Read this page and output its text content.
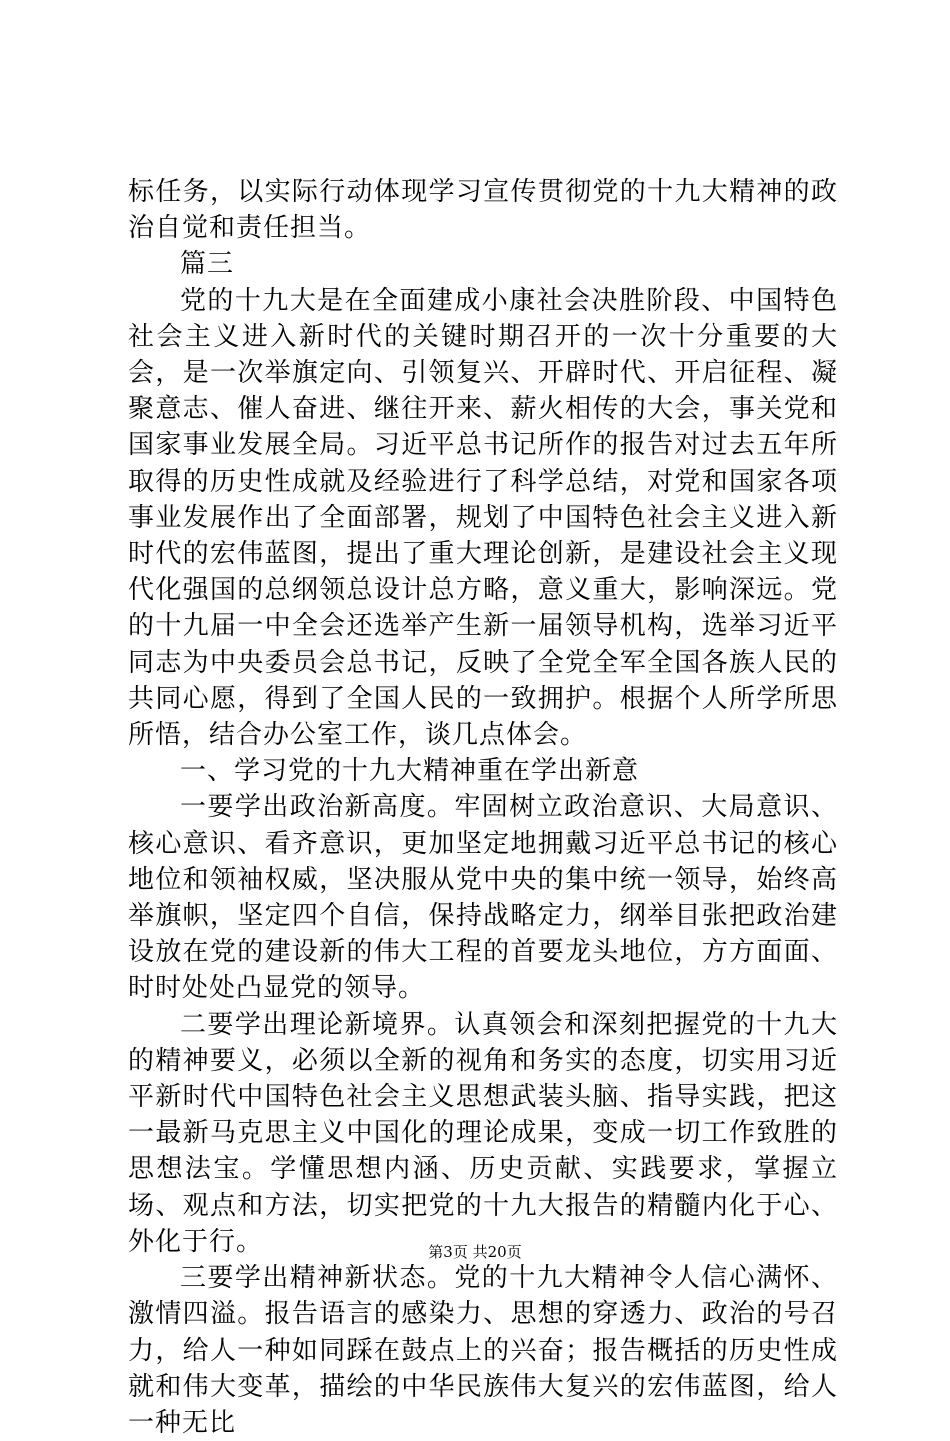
标任务，以实际行动体现学习宣传贯彻党的十九大精神的政治自觉和责任担当。

篇三

党的十九大是在全面建成小康社会决胜阶段、中国特色社会主义进入新时代的关键时期召开的一次十分重要的大会，是一次举旗定向、引领复兴、开辟时代、开启征程、凝聚意志、催人奋进、继往开来、薪火相传的大会，事关党和国家事业发展全局。习近平总书记所作的报告对过去五年所取得的历史性成就及经验进行了科学总结，对党和国家各项事业发展作出了全面部署，规划了中国特色社会主义进入新时代的宏伟蓝图，提出了重大理论创新，是建设社会主义现代化强国的总纲领总设计总方略，意义重大，影响深远。党的十九届一中全会还选举产生新一届领导机构，选举习近平同志为中央委员会总书记，反映了全党全军全国各族人民的共同心愿，得到了全国人民的一致拥护。根据个人所学所思所悟，结合办公室工作，谈几点体会。

一、学习党的十九大精神重在学出新意

一要学出政治新高度。牢固树立政治意识、大局意识、核心意识、看齐意识，更加坚定地拥戴习近平总书记的核心地位和领袖权威，坚决服从党中央的集中统一领导，始终高举旗帜，坚定四个自信，保持战略定力，纲举目张把政治建设放在党的建设新的伟大工程的首要龙头地位，方方面面、时时处处凸显党的领导。

二要学出理论新境界。认真领会和深刻把握党的十九大的精神要义，必须以全新的视角和务实的态度，切实用习近平新时代中国特色社会主义思想武装头脑、指导实践，把这一最新马克思主义中国化的理论成果，变成一切工作致胜的思想法宝。学懂思想内涵、历史贡献、实践要求，掌握立场、观点和方法，切实把党的十九大报告的精髓内化于心、外化于行。

三要学出精神新状态。党的十九大精神令人信心满怀、激情四溢。报告语言的感染力、思想的穿透力、政治的号召力，给人一种如同踩在鼓点上的兴奋；报告概括的历史性成就和伟大变革，描绘的中华民族伟大复兴的宏伟蓝图，给人一种无比

第3页 共20页
